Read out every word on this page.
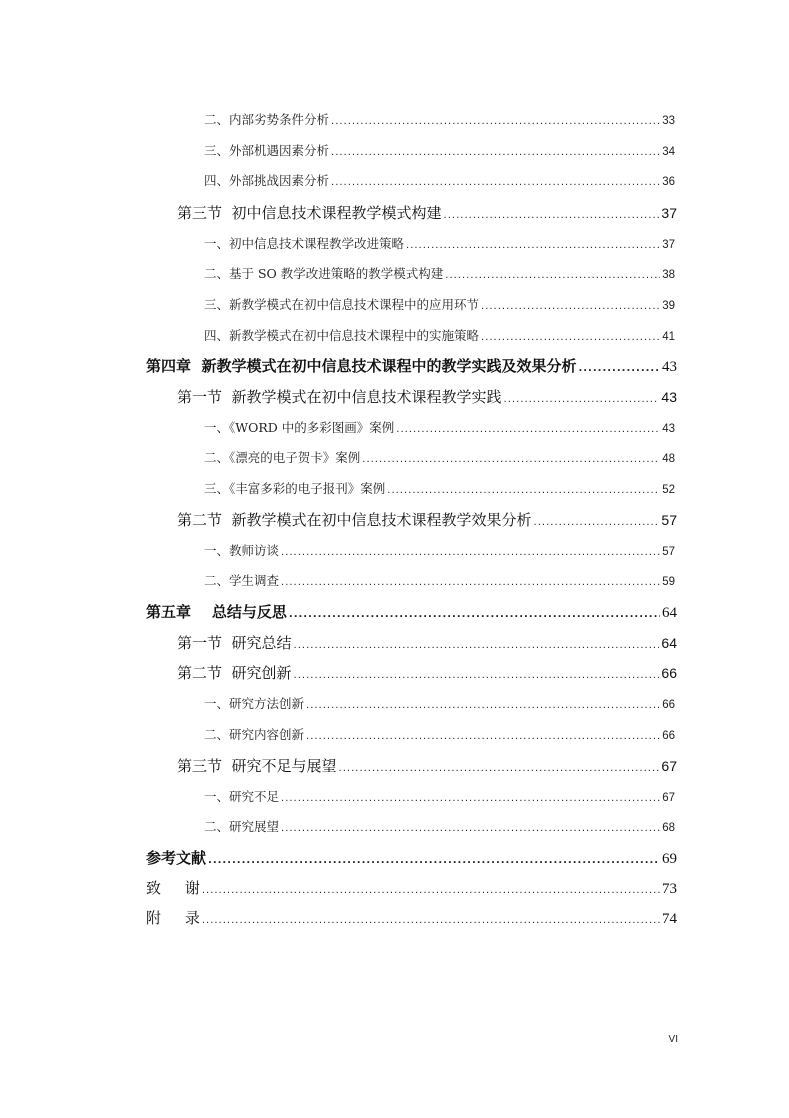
二、内部劣势条件分析 .....	33
三、外部机遇因素分析 .....	34
四、外部挑战因素分析 .....	36
第三节  初中信息技术课程教学模式构建 .....	37
一、初中信息技术课程教学改进策略 .....	37
二、基于 SO 教学改进策略的教学模式构建 .....	38
三、新教学模式在初中信息技术课程中的应用环节 .....	39
四、新教学模式在初中信息技术课程中的实施策略 .....	41
第四章  新教学模式在初中信息技术课程中的教学实践及效果分析 .....	43
第一节  新教学模式在初中信息技术课程教学实践 .....	43
一、《WORD 中的多彩图画》案例 .....	43
二、《漂亮的电子贺卡》案例 .....	48
三、《丰富多彩的电子报刊》案例 .....	52
第二节  新教学模式在初中信息技术课程教学效果分析 .....	57
一、教师访谈 .....	57
二、学生调查 .....	59
第五章    总结与反思 .....	64
第一节  研究总结 .....	64
第二节  研究创新 .....	66
一、研究方法创新 .....	66
二、研究内容创新 .....	66
第三节  研究不足与展望 .....	67
一、研究不足 .....	67
二、研究展望 .....	68
参考文献 .....	69
致     谢 .....	73
附     录 .....	74
VI
